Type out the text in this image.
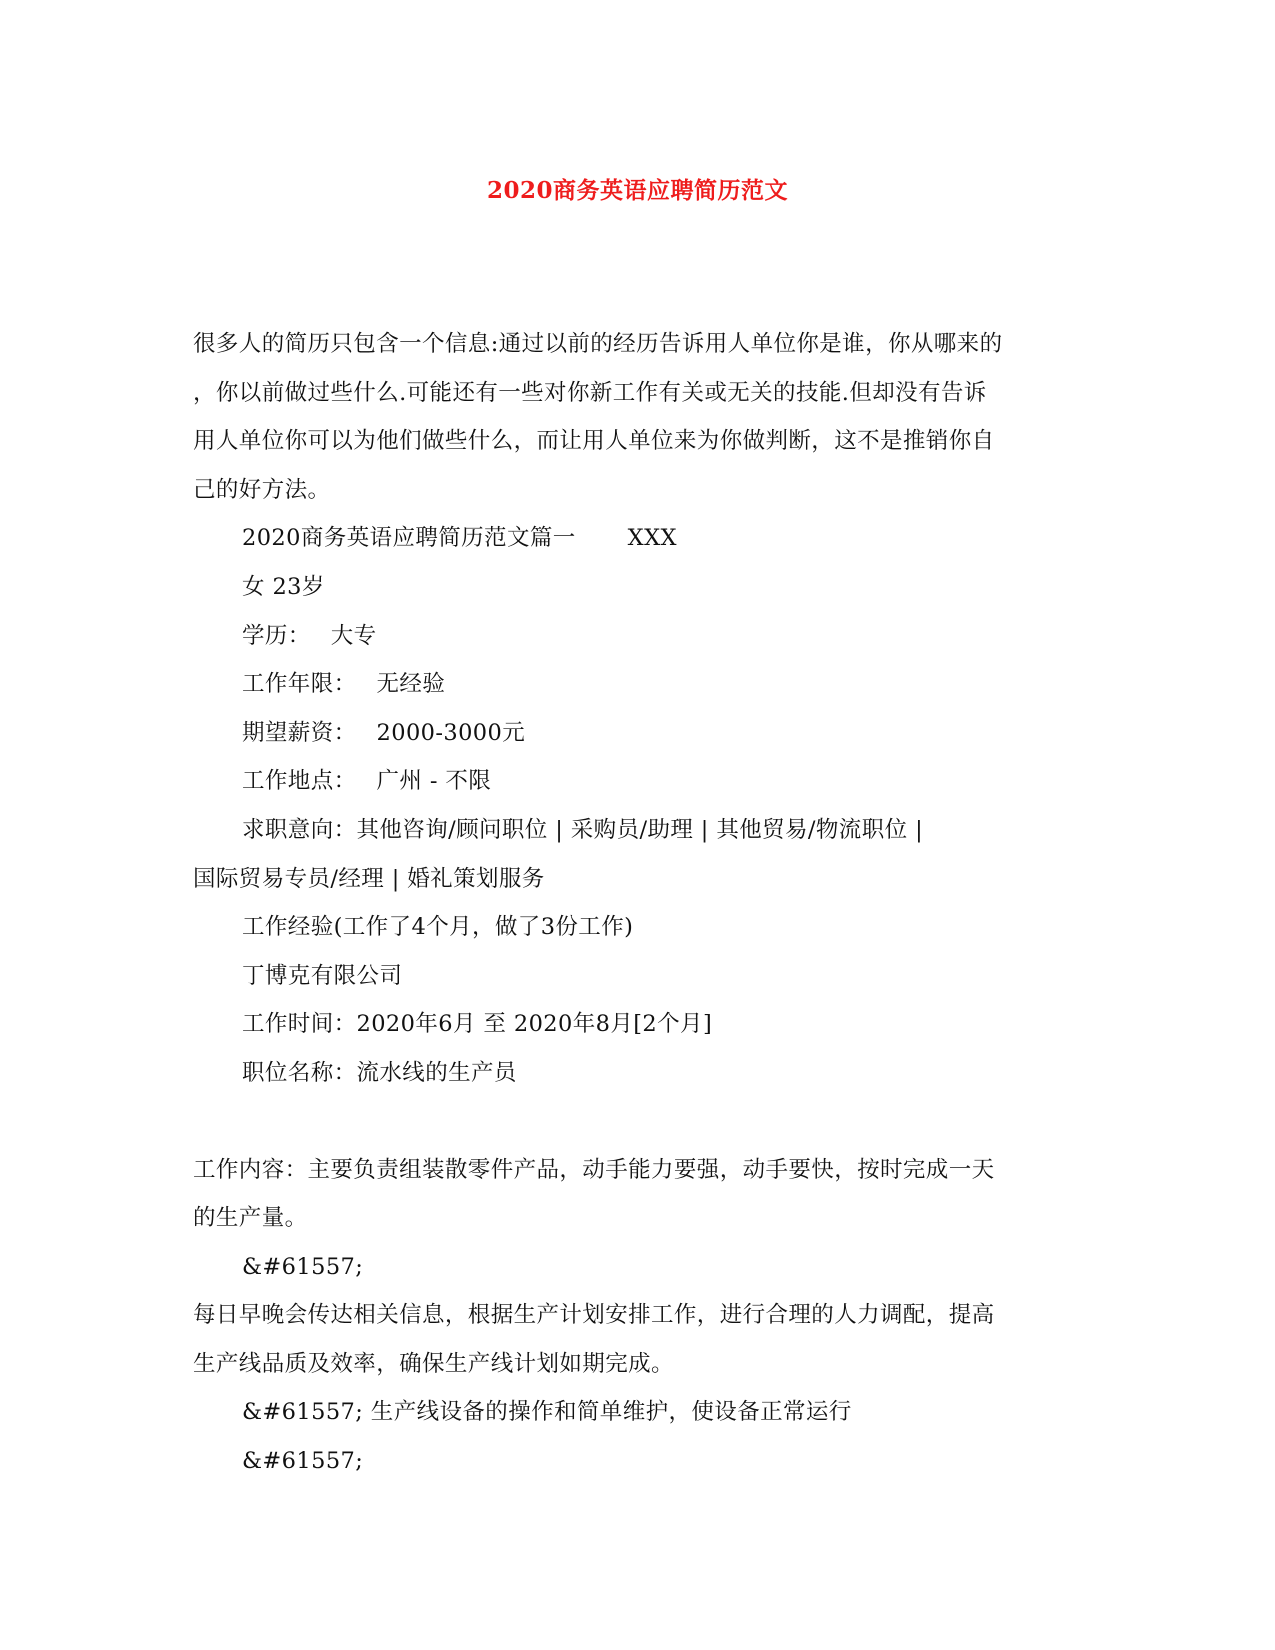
2020商务英语应聘简历范文
很多人的简历只包含一个信息:通过以前的经历告诉用人单位你是谁，你从哪来的
，你以前做过些什么.可能还有一些对你新工作有关或无关的技能.但却没有告诉
用人单位你可以为他们做些什么，而让用人单位来为你做判断，这不是推销你自
己的好方法。
2020商务英语应聘简历范文篇一 XXX
女 23岁
学历： 大专
工作年限： 无经验
期望薪资： 2000-3000元
工作地点： 广州 - 不限
求职意向：其他咨询/顾问职位 | 采购员/助理 | 其他贸易/物流职位 |
国际贸易专员/经理 | 婚礼策划服务
工作经验(工作了4个月，做了3份工作)
丁博克有限公司
工作时间：2020年6月 至 2020年8月[2个月]
职位名称：流水线的生产员
工作内容：主要负责组装散零件产品，动手能力要强，动手要快，按时完成一天
的生产量。
&#61557;
每日早晚会传达相关信息，根据生产计划安排工作，进行合理的人力调配，提高
生产线品质及效率，确保生产线计划如期完成。
&#61557; 生产线设备的操作和简单维护，使设备正常运行
&#61557;
